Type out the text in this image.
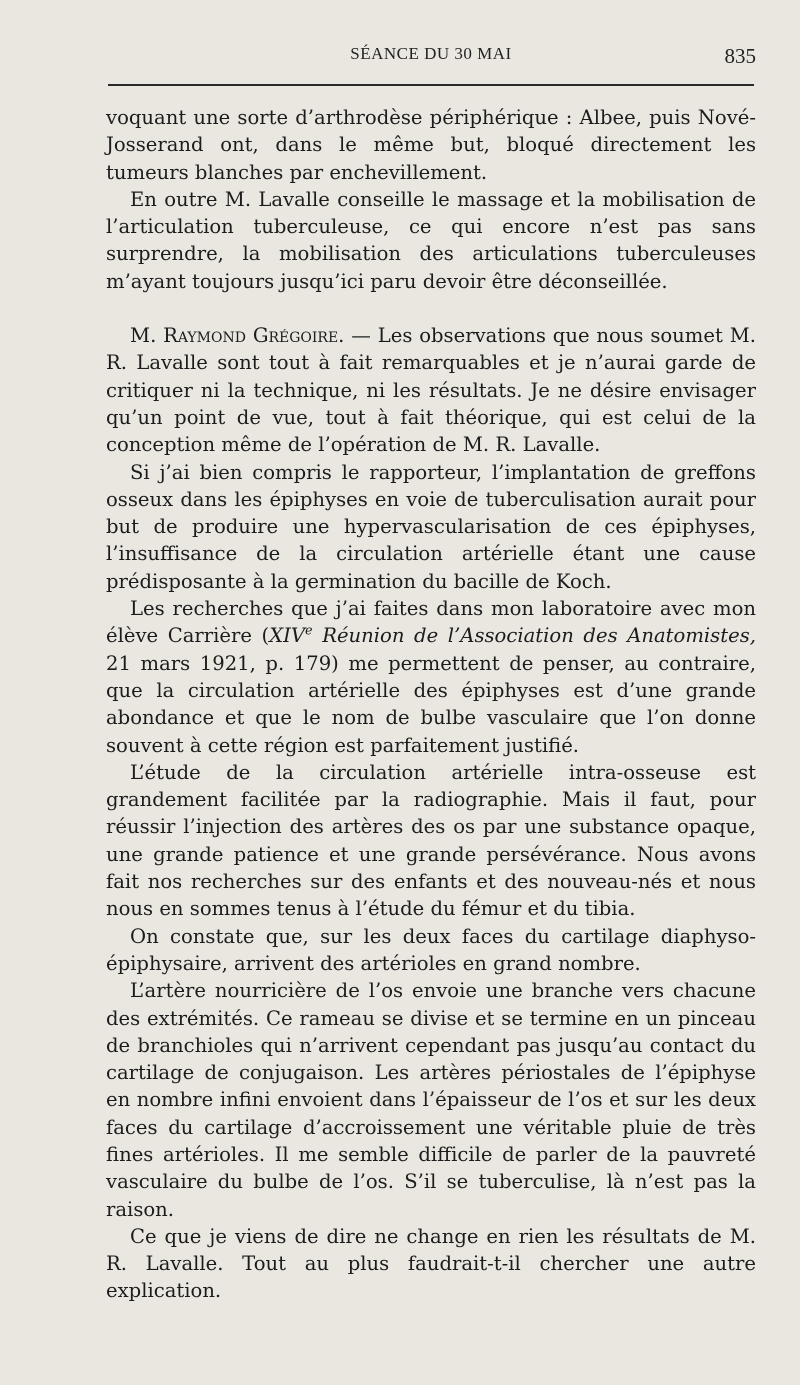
SÉANCE DU 30 MAI	835

voquant une sorte d’arthrodèse périphérique : Albee, puis Nové-Josserand ont, dans le même but, bloqué directement les tumeurs blanches par enchevillement.

En outre M. Lavalle conseille le massage et la mobilisation de l’articulation tuberculeuse, ce qui encore n’est pas sans surprendre, la mobilisation des articulations tuberculeuses m’ayant toujours jusqu’ici paru devoir être déconseillée.

M. Raymond Grégoire. — Les observations que nous soumet M. R. Lavalle sont tout à fait remarquables et je n’aurai garde de critiquer ni la technique, ni les résultats. Je ne désire envisager qu’un point de vue, tout à fait théorique, qui est celui de la conception même de l’opération de M. R. Lavalle.

Si j’ai bien compris le rapporteur, l’implantation de greffons osseux dans les épiphyses en voie de tuberculisation aurait pour but de produire une hypervascularisation de ces épiphyses, l’insuffisance de la circulation artérielle étant une cause prédisposante à la germination du bacille de Koch.

Les recherches que j’ai faites dans mon laboratoire avec mon élève Carrière (XIVe Réunion de l’Association des Anatomistes, 21 mars 1921, p. 179) me permettent de penser, au contraire, que la circulation artérielle des épiphyses est d’une grande abondance et que le nom de bulbe vasculaire que l’on donne souvent à cette région est parfaitement justifié.

L’étude de la circulation artérielle intra-osseuse est grandement facilitée par la radiographie. Mais il faut, pour réussir l’injection des artères des os par une substance opaque, une grande patience et une grande persévérance. Nous avons fait nos recherches sur des enfants et des nouveau-nés et nous nous en sommes tenus à l’étude du fémur et du tibia.

On constate que, sur les deux faces du cartilage diaphyso-épiphysaire, arrivent des artérioles en grand nombre.

L’artère nourricière de l’os envoie une branche vers chacune des extrémités. Ce rameau se divise et se termine en un pinceau de branchioles qui n’arrivent cependant pas jusqu’au contact du cartilage de conjugaison. Les artères périostales de l’épiphyse en nombre infini envoient dans l’épaisseur de l’os et sur les deux faces du cartilage d’accroissement une véritable pluie de très fines artérioles. Il me semble difficile de parler de la pauvreté vasculaire du bulbe de l’os. S’il se tuberculise, là n’est pas la raison.

Ce que je viens de dire ne change en rien les résultats de M. R. Lavalle. Tout au plus faudrait-t-il chercher une autre explication.
